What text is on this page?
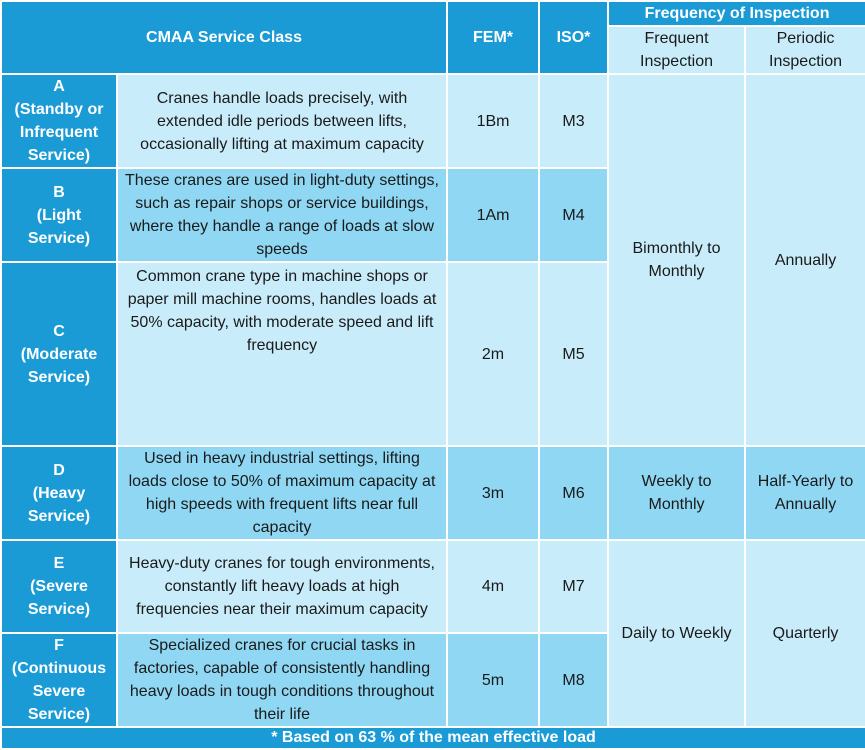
CMAA Service Class		FEM*	ISO*	Frequency of Inspection	
				Frequent Inspection	Periodic Inspection
A
(Standby or Infrequent Service)	Cranes handle loads precisely, with extended idle periods between lifts, occasionally lifting at maximum capacity	1Bm	M3	Bimonthly to Monthly	Annually
B
(Light Service)	These cranes are used in light-duty settings, such as repair shops or service buildings, where they handle a range of loads at slow speeds	1Am	M4		
C
(Moderate Service)	Common crane type in machine shops or paper mill machine rooms, handles loads at 50% capacity, with moderate speed and lift frequency	2m	M5		
D
(Heavy Service)	Used in heavy industrial settings, lifting loads close to 50% of maximum capacity at high speeds with frequent lifts near full capacity	3m	M6	Weekly to Monthly	Half-Yearly to Annually
E
(Severe Service)	Heavy-duty cranes for tough environments, constantly lift heavy loads at high frequencies near their maximum capacity	4m	M7	Daily to Weekly	Quarterly
F
(Continuous Severe Service)	Specialized cranes for crucial tasks in factories, capable of consistently handling heavy loads in tough conditions throughout their life	5m	M8		
* Based on 63 % of the mean effective load					
